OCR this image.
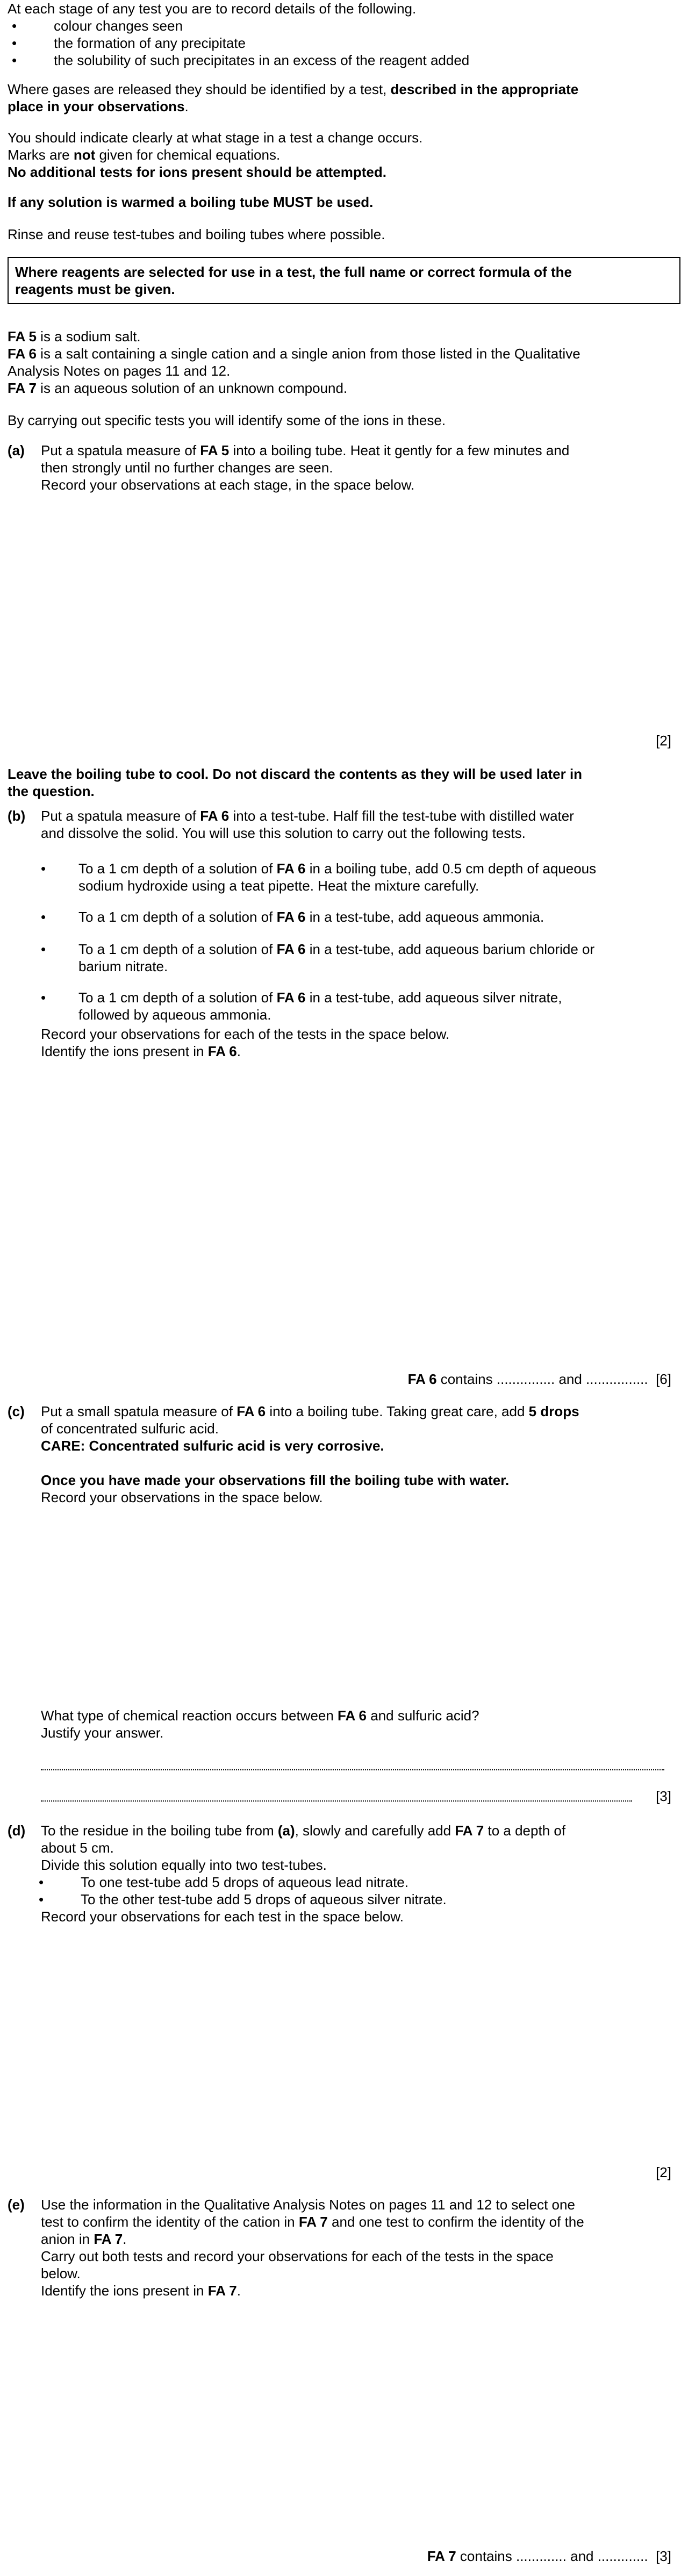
At each stage of any test you are to record details of the following.
•	colour changes seen
•	the formation of any precipitate
•	the solubility of such precipitates in an excess of the reagent added
Where gases are released they should be identified by a test, described in the appropriate
place in your observations.
You should indicate clearly at what stage in a test a change occurs.
Marks are not given for chemical equations.
No additional tests for ions present should be attempted.
If any solution is warmed a boiling tube MUST be used.
Rinse and reuse test-tubes and boiling tubes where possible.
Where reagents are selected for use in a test, the full name or correct formula of the
reagents must be given.
FA 5 is a sodium salt.
FA 6 is a salt containing a single cation and a single anion from those listed in the Qualitative
Analysis Notes on pages 11 and 12.
FA 7 is an aqueous solution of an unknown compound.
By carrying out specific tests you will identify some of the ions in these.
(a) Put a spatula measure of FA 5 into a boiling tube. Heat it gently for a few minutes and
then strongly until no further changes are seen.
Record your observations at each stage, in the space below.
[2]
Leave the boiling tube to cool. Do not discard the contents as they will be used later in
the question.
(b) Put a spatula measure of FA 6 into a test-tube. Half fill the test-tube with distilled water
and dissolve the solid. You will use this solution to carry out the following tests.
• To a 1 cm depth of a solution of FA 6 in a boiling tube, add 0.5 cm depth of aqueous
sodium hydroxide using a teat pipette. Heat the mixture carefully.
• To a 1 cm depth of a solution of FA 6 in a test-tube, add aqueous ammonia.
• To a 1 cm depth of a solution of FA 6 in a test-tube, add aqueous barium chloride or
barium nitrate.
• To a 1 cm depth of a solution of FA 6 in a test-tube, add aqueous silver nitrate,
followed by aqueous ammonia.
Record your observations for each of the tests in the space below.
Identify the ions present in FA 6.
FA 6 contains ............... and ................ [6]
(c) Put a small spatula measure of FA 6 into a boiling tube. Taking great care, add 5 drops
of concentrated sulfuric acid.
CARE: Concentrated sulfuric acid is very corrosive.
Once you have made your observations fill the boiling tube with water.
Record your observations in the space below.
What type of chemical reaction occurs between FA 6 and sulfuric acid?
Justify your answer.
[3]
(d) To the residue in the boiling tube from (a), slowly and carefully add FA 7 to a depth of
about 5 cm.
Divide this solution equally into two test-tubes.
•	To one test-tube add 5 drops of aqueous lead nitrate.
•	To the other test-tube add 5 drops of aqueous silver nitrate.
Record your observations for each test in the space below.
[2]
(e) Use the information in the Qualitative Analysis Notes on pages 11 and 12 to select one
test to confirm the identity of the cation in FA 7 and one test to confirm the identity of the
anion in FA 7.
Carry out both tests and record your observations for each of the tests in the space
below.
Identify the ions present in FA 7.
FA 7 contains ............. and ............. [3]
